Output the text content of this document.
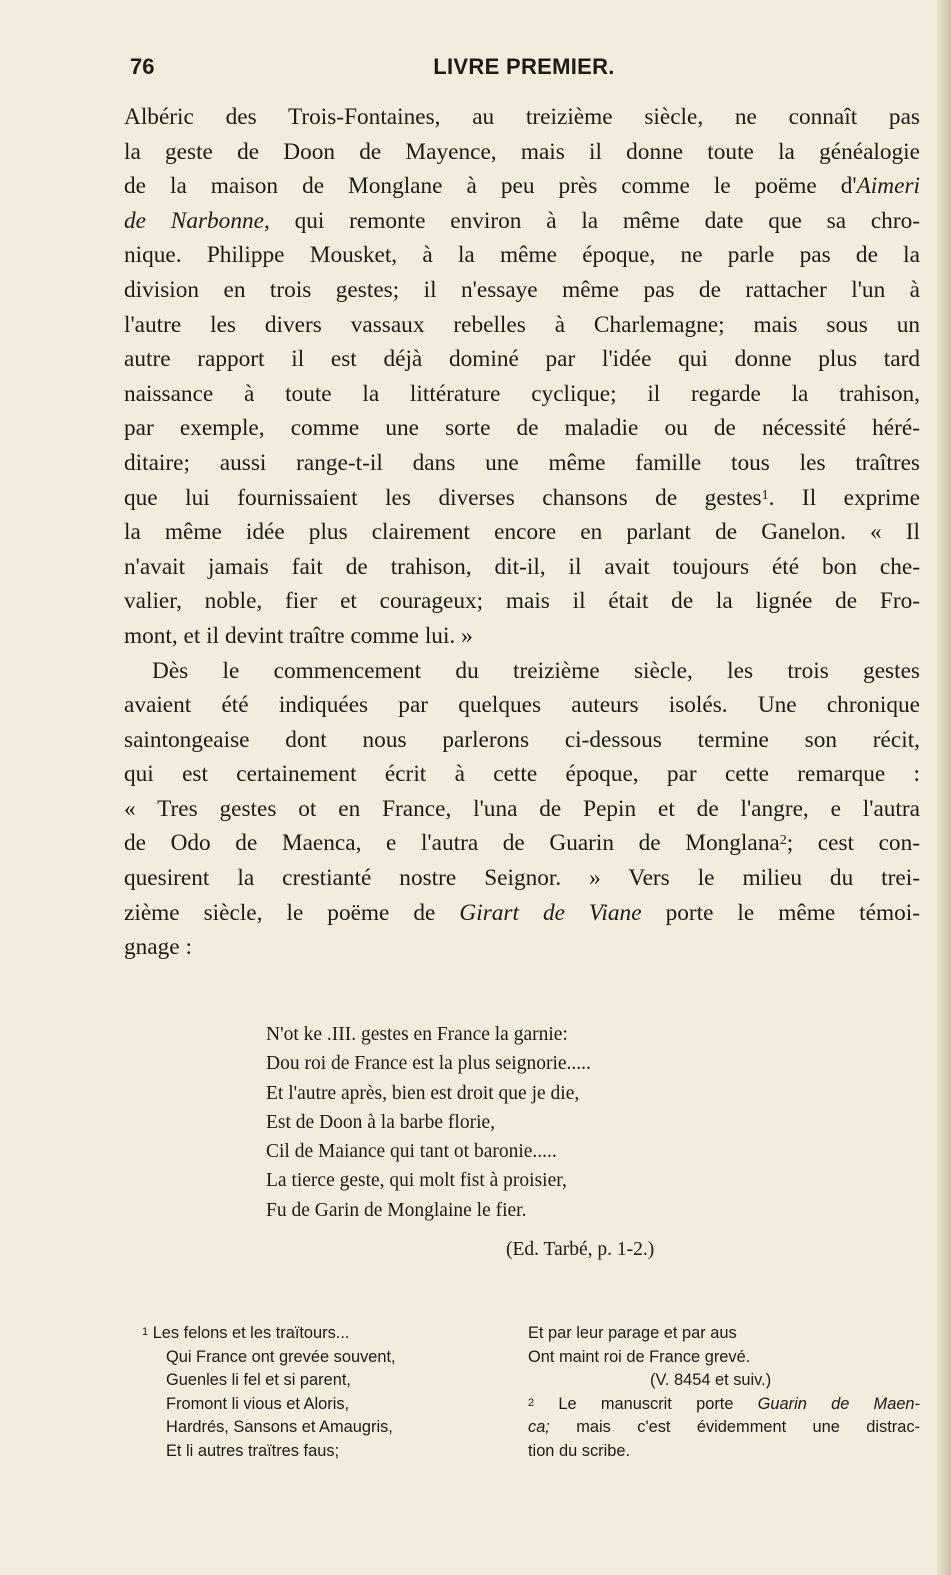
76	LIVRE PREMIER.
Albéric des Trois-Fontaines, au treizième siècle, ne connaît pas
la geste de Doon de Mayence, mais il donne toute la généalogie
de la maison de Monglane à peu près comme le poëme d'Aimeri
de Narbonne, qui remonte environ à la même date que sa chro-
nique. Philippe Mousket, à la même époque, ne parle pas de la
division en trois gestes; il n'essaye même pas de rattacher l'un à
l'autre les divers vassaux rebelles à Charlemagne; mais sous un
autre rapport il est déjà dominé par l'idée qui donne plus tard
naissance à toute la littérature cyclique; il regarde la trahison,
par exemple, comme une sorte de maladie ou de nécessité héré-
ditaire; aussi range-t-il dans une même famille tous les traîtres
que lui fournissaient les diverses chansons de gestes$^1$. Il exprime
la même idée plus clairement encore en parlant de Ganelon. « Il
n'avait jamais fait de trahison, dit-il, il avait toujours été bon che-
valier, noble, fier et courageux; mais il était de la lignée de Fro-
mont, et il devint traître comme lui. »
Dès le commencement du treizième siècle, les trois gestes
avaient été indiquées par quelques auteurs isolés. Une chronique
saintongeaise dont nous parlerons ci-dessous termine son récit,
qui est certainement écrit à cette époque, par cette remarque :
« Tres gestes ot en France, l'una de Pepin et de l'angre, e l'autra
de Odo de Maenca, e l'autra de Guarin de Monglana$^2$; cest con-
quesirent la crestianté nostre Seignor. » Vers le milieu du trei-
zième siècle, le poëme de Girart de Viane porte le même témoi-
gnage :
N'ot ke .III. gestes en France la garnie:
Dou roi de France est la plus seignorie.....
Et l'autre après, bien est droit que je die,
Est de Doon à la barbe florie,
Cil de Maiance qui tant ot baronie.....
La tierce geste, qui molt fist à proisier,
Fu de Garin de Monglaine le fier.
(Ed. Tarbé, p. 1-2.)
$^1$ Les felons et les traïtours...
Qui France ont grevée souvent,
Guenles li fel et si parent,
Fromont li vious et Aloris,
Hardrés, Sansons et Amaugris,
Et li autres traïtres faus;
Et par leur parage et par aus
Ont maint roi de France grevé.
(V. 8454 et suiv.)
$^2$ Le manuscrit porte Guarin de Maen-
ca; mais c'est évidemment une distrac-
tion du scribe.
